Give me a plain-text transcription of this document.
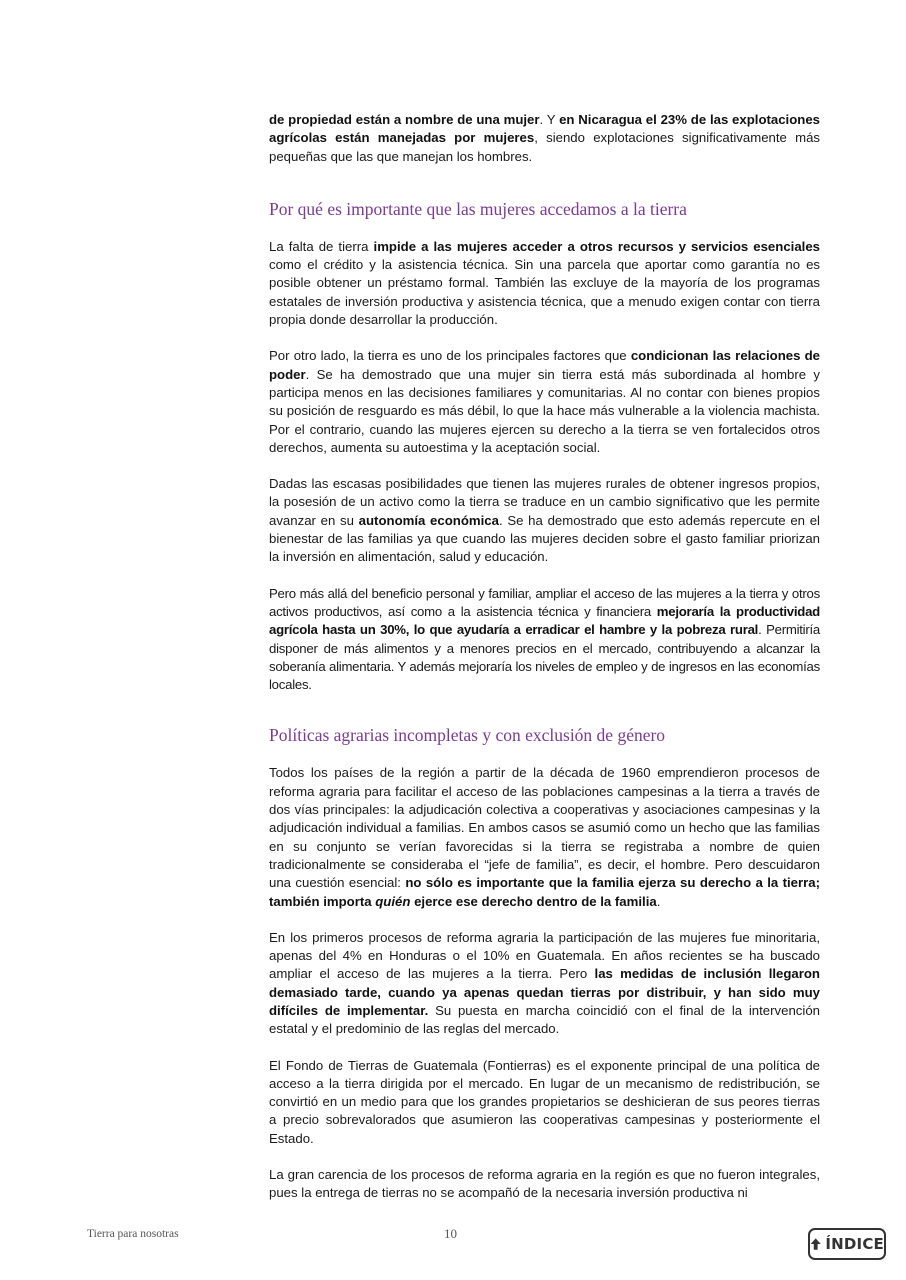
de propiedad están a nombre de una mujer. Y en Nicaragua el 23% de las explotaciones agrícolas están manejadas por mujeres, siendo explotaciones significativamente más pequeñas que las que manejan los hombres.

Por qué es importante que las mujeres accedamos a la tierra

La falta de tierra impide a las mujeres acceder a otros recursos y servicios esenciales como el crédito y la asistencia técnica. Sin una parcela que aportar como garantía no es posible obtener un préstamo formal. También las excluye de la mayoría de los programas estatales de inversión productiva y asistencia técnica, que a menudo exigen contar con tierra propia donde desarrollar la producción.

Por otro lado, la tierra es uno de los principales factores que condicionan las relaciones de poder. Se ha demostrado que una mujer sin tierra está más subordinada al hombre y participa menos en las decisiones familiares y comunitarias. Al no contar con bienes propios su posición de resguardo es más débil, lo que la hace más vulnerable a la violencia machista. Por el contrario, cuando las mujeres ejercen su derecho a la tierra se ven fortalecidos otros derechos, aumenta su autoestima y la aceptación social.

Dadas las escasas posibilidades que tienen las mujeres rurales de obtener ingresos propios, la posesión de un activo como la tierra se traduce en un cambio significativo que les permite avanzar en su autonomía económica. Se ha demostrado que esto además repercute en el bienestar de las familias ya que cuando las mujeres deciden sobre el gasto familiar priorizan la inversión en alimentación, salud y educación.

Pero más allá del beneficio personal y familiar, ampliar el acceso de las mujeres a la tierra y otros activos productivos, así como a la asistencia técnica y financiera mejoraría la productividad agrícola hasta un 30%, lo que ayudaría a erradicar el hambre y la pobreza rural. Permitiría disponer de más alimentos y a menores precios en el mercado, contribuyendo a alcanzar la soberanía alimentaria. Y además mejoraría los niveles de empleo y de ingresos en las economías locales.

Políticas agrarias incompletas y con exclusión de género

Todos los países de la región a partir de la década de 1960 emprendieron procesos de reforma agraria para facilitar el acceso de las poblaciones campesinas a la tierra a través de dos vías principales: la adjudicación colectiva a cooperativas y asociaciones campesinas y la adjudicación individual a familias. En ambos casos se asumió como un hecho que las familias en su conjunto se verían favorecidas si la tierra se registraba a nombre de quien tradicionalmente se consideraba el “jefe de familia”, es decir, el hombre. Pero descuidaron una cuestión esencial: no sólo es importante que la familia ejerza su derecho a la tierra; también importa quién ejerce ese derecho dentro de la familia.

En los primeros procesos de reforma agraria la participación de las mujeres fue minoritaria, apenas del 4% en Honduras o el 10% en Guatemala. En años recientes se ha buscado ampliar el acceso de las mujeres a la tierra. Pero las medidas de inclusión llegaron demasiado tarde, cuando ya apenas quedan tierras por distribuir, y han sido muy difíciles de implementar. Su puesta en marcha coincidió con el final de la intervención estatal y el predominio de las reglas del mercado.

El Fondo de Tierras de Guatemala (Fontierras) es el exponente principal de una política de acceso a la tierra dirigida por el mercado. En lugar de un mecanismo de redistribución, se convirtió en un medio para que los grandes propietarios se deshicieran de sus peores tierras a precio sobrevalorados que asumieron las cooperativas campesinas y posteriormente el Estado.

La gran carencia de los procesos de reforma agraria en la región es que no fueron integrales, pues la entrega de tierras no se acompañó de la necesaria inversión productiva ni

Tierra para nosotras	10
ÍNDICE
